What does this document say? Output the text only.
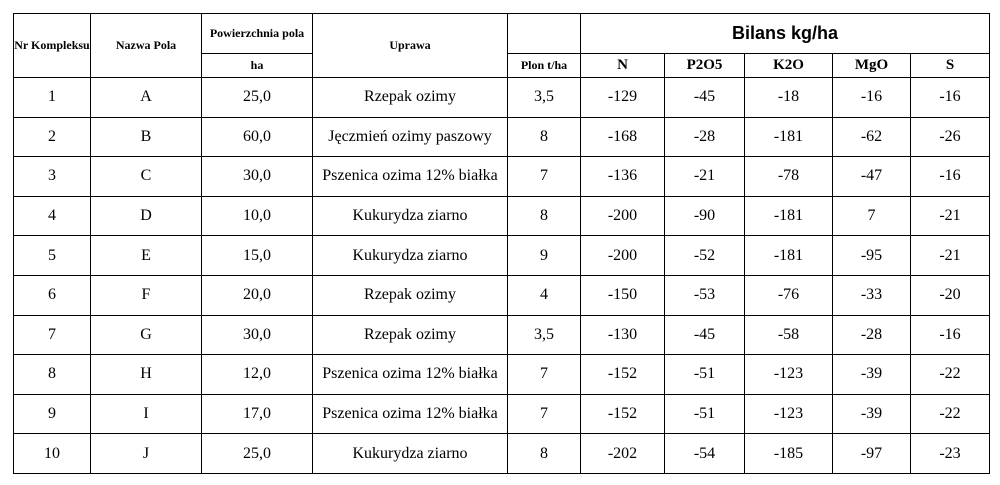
Nr Kompleksu	Nazwa Pola	Powierzchnia pola	Uprawa		Bilans kg/ha				
		ha		Plon t/ha	N	P2O5	K2O	MgO	S
1	A	25,0	Rzepak ozimy	3,5	-129	-45	-18	-16	-16
2	B	60,0	Jęczmień ozimy paszowy	8	-168	-28	-181	-62	-26
3	C	30,0	Pszenica ozima 12% białka	7	-136	-21	-78	-47	-16
4	D	10,0	Kukurydza ziarno	8	-200	-90	-181	7	-21
5	E	15,0	Kukurydza ziarno	9	-200	-52	-181	-95	-21
6	F	20,0	Rzepak ozimy	4	-150	-53	-76	-33	-20
7	G	30,0	Rzepak ozimy	3,5	-130	-45	-58	-28	-16
8	H	12,0	Pszenica ozima 12% białka	7	-152	-51	-123	-39	-22
9	I	17,0	Pszenica ozima 12% białka	7	-152	-51	-123	-39	-22
10	J	25,0	Kukurydza ziarno	8	-202	-54	-185	-97	-23
